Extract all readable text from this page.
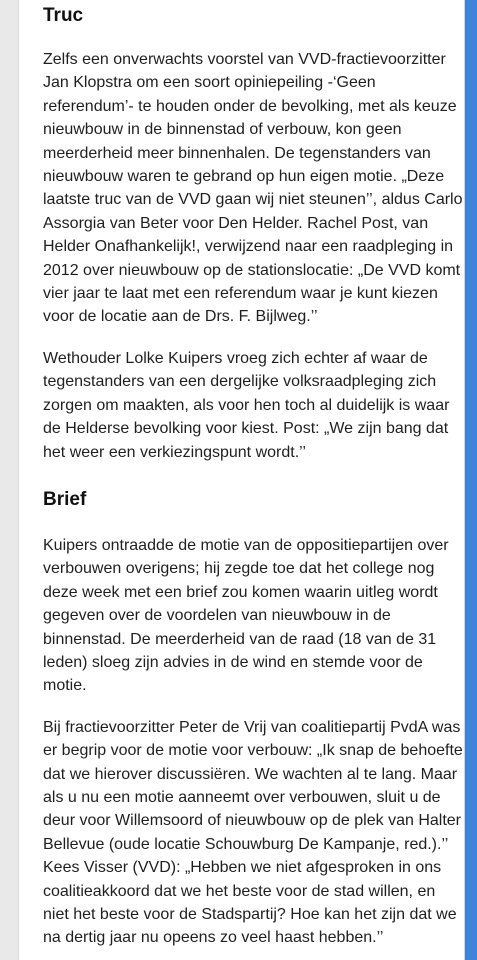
Truc

Zelfs een onverwachts voorstel van VVD-fractievoorzitter Jan Klopstra om een soort opiniepeiling -‘Geen referendum’- te houden onder de bevolking, met als keuze nieuwbouw in de binnenstad of verbouw, kon geen meerderheid meer binnenhalen. De tegenstanders van nieuwbouw waren te gebrand op hun eigen motie. „Deze laatste truc van de VVD gaan wij niet steunen’’, aldus Carlo Assorgia van Beter voor Den Helder. Rachel Post, van Helder Onafhankelijk!, verwijzend naar een raadpleging in 2012 over nieuwbouw op de stationslocatie: „De VVD komt vier jaar te laat met een referendum waar je kunt kiezen voor de locatie aan de Drs. F. Bijlweg.’’

Wethouder Lolke Kuipers vroeg zich echter af waar de tegenstanders van een dergelijke volksraadpleging zich zorgen om maakten, als voor hen toch al duidelijk is waar de Helderse bevolking voor kiest. Post: „We zijn bang dat het weer een verkiezingspunt wordt.’’

Brief

Kuipers ontraadde de motie van de oppositiepartijen over verbouwen overigens; hij zegde toe dat het college nog deze week met een brief zou komen waarin uitleg wordt gegeven over de voordelen van nieuwbouw in de binnenstad. De meerderheid van de raad (18 van de 31 leden) sloeg zijn advies in de wind en stemde voor de motie.

Bij fractievoorzitter Peter de Vrij van coalitiepartij PvdA was er begrip voor de motie voor verbouw: „Ik snap de behoefte dat we hierover discussiëren. We wachten al te lang. Maar als u nu een motie aanneemt over verbouwen, sluit u de deur voor Willemsoord of nieuwbouw op de plek van Halter Bellevue (oude locatie Schouwburg De Kampanje, red.).’’ Kees Visser (VVD): „Hebben we niet afgesproken in ons coalitieakkoord dat we het beste voor de stad willen, en niet het beste voor de Stadspartij? Hoe kan het zijn dat we na dertig jaar nu opeens zo veel haast hebben.’’
